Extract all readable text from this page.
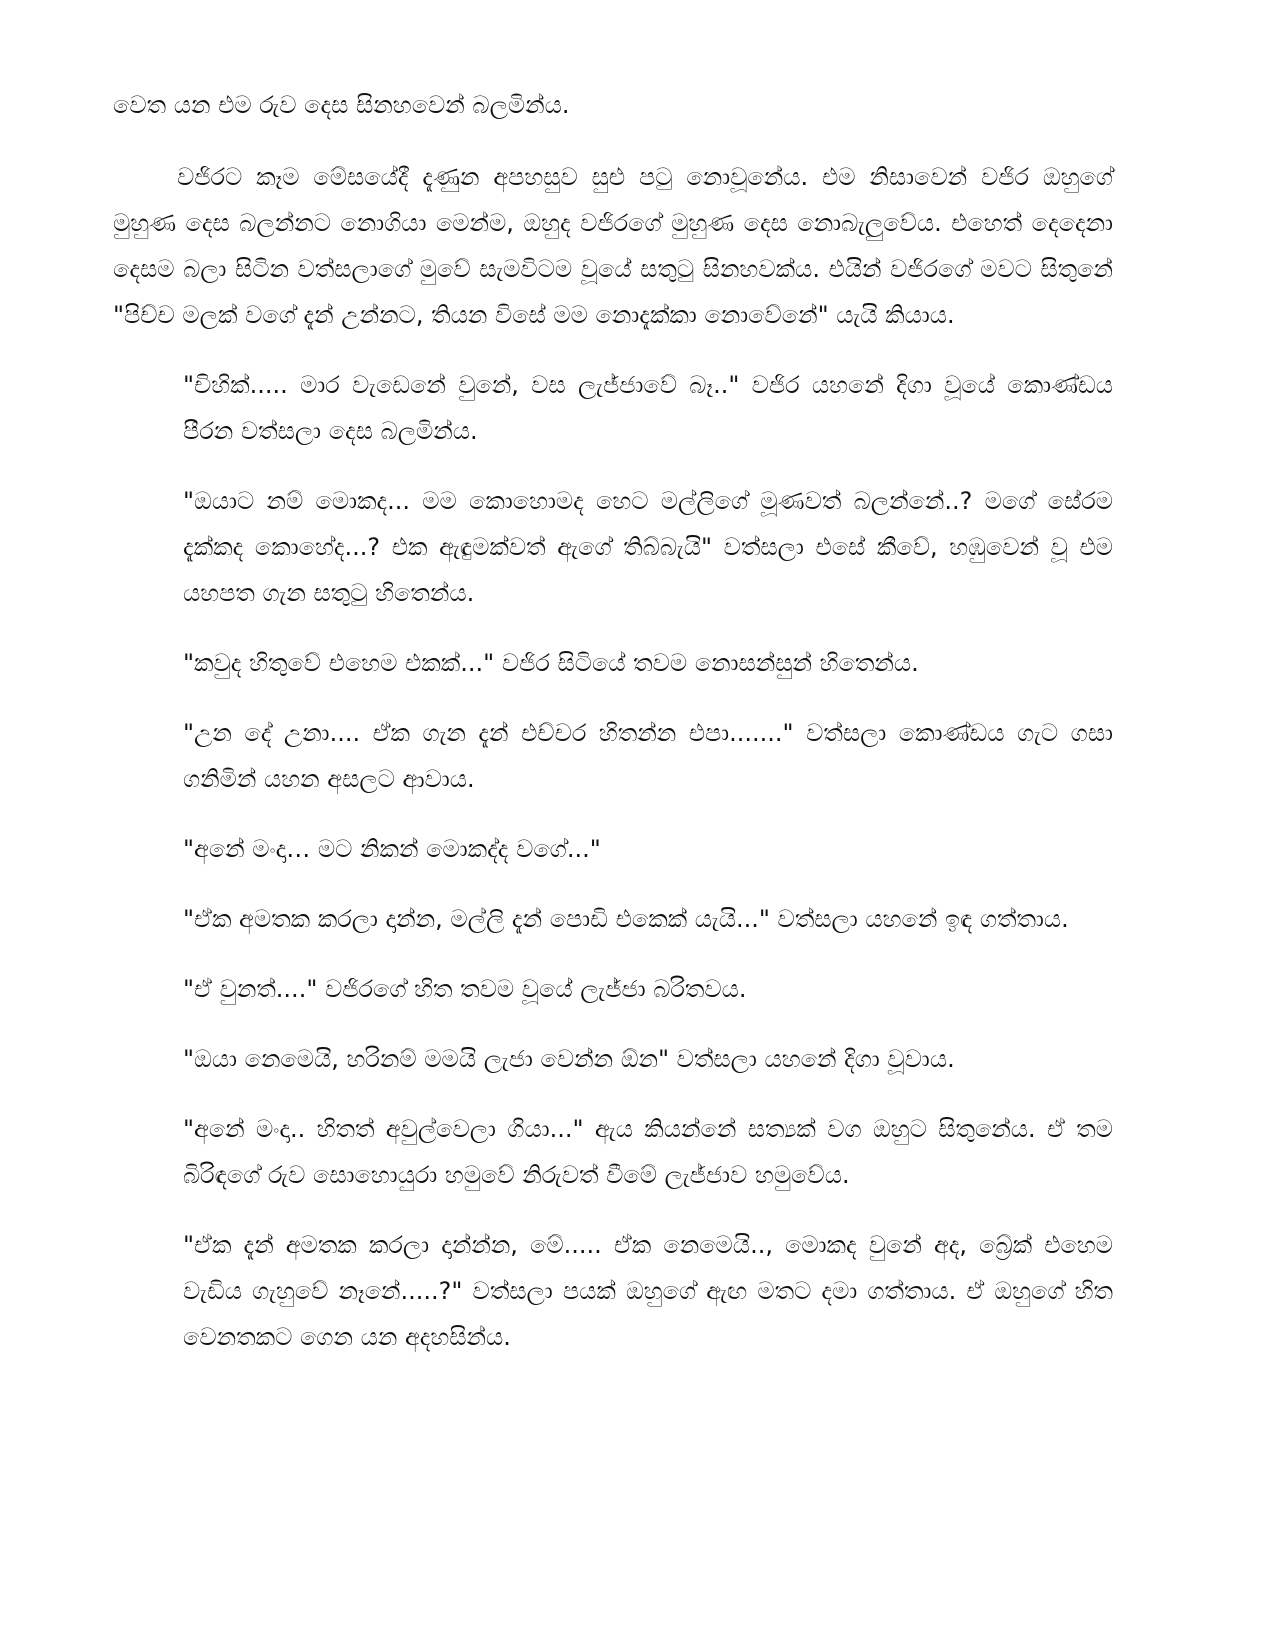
වෙත යන එම රුව දෙස සිනහවෙන් බලමින්ය.

වජිරට කෑම මේසයේදී දැණුන අපහසුව සුළු පටු නොවූනේය. එම නිසාවෙන් වජිර ඔහුගේ මුහුණ දෙස බලන්නට නොගියා මෙන්ම, ඔහුද වජිරගේ මුහුණ දෙස නොබැලුවේය. එහෙත් දෙදෙනා දෙසම බලා සිටින වත්සලාගේ මුවේ සැමවිටම වූයේ සතුටු සිනහවක්ය. එයින් වජිරගේ මවට සිතුනේ "පිච්ච මලක් වගේ දැන් උන්නට, තියන විසේ මම නොදැක්කා නොවේනේ" යැයි කියාය.

"චිහික්..... මාර වැඩෙනේ වුනේ, වස ලැජ්ජාවේ බෑ.." වජිර යහනේ දිගා වූයේ කොණ්ඩය පීරන වත්සලා දෙස බලමින්ය.

"ඔයාට නම් මොකද... මම කොහොමද හෙට මල්ලිගේ මූණවත් බලන්නේ..? මගේ සේරම දැක්කද කොහේද...? එක ඇඳුමක්වත් ඇගේ තිබ්බැයි" වත්සලා එසේ කීවේ, හඹුවෙන් වූ එම යහපත ගැන සතුටු හිතෙන්ය.

"කවුද හිතුවේ එහෙම එකක්..." වජිර සිටියේ තවම නොසන්සුන් හිතෙන්ය.

"උන දේ උනා.... ඒක ගැන දැන් එච්චර හිතන්න එපා......." වත්සලා කොණ්ඩය ගැට ගසා ගනිමින් යහන අසලට ආවාය.

"අනේ මංදා… මට නිකන් මොකද්ද වගේ..."

"ඒක අමතක කරලා දාන්න, මල්ලි දැන් පොඩි එකෙක් යැයි..." වත්සලා යහනේ ඉඳ ගත්තාය.

"ඒ වුනත්...." වජිරගේ හිත තවම වූයේ ලැජ්ජා බරිතවය.

"ඔයා නෙමෙයි, හරිනම් මමයි ලැජා වෙන්න ඕන" වත්සලා යහනේ දිගා වූවාය.

"අනේ මංදා.. හිතත් අවුල්වෙලා ගියා..." ඇය කියන්නේ සත්‍යක් වග ඔහුට සිතුනේය. ඒ තම බිරිඳගේ රුව සොහොයුරා හමුවේ නිරුවත් වීමේ ලැජ්ජාව හමුවේය.

"ඒක දැන් අමතක කරලා දාන්න්න, මේ..... ඒක නෙමෙයි.., මොකද වුනේ අද, බ්‍රේක් එහෙම වැඩිය ගැහුවේ නෑනේ.....?" වත්සලා පයක් ඔහුගේ ඇඟ මතට දමා ගත්තාය. ඒ ඔහුගේ හිත වෙනතකට ගෙන යන අදහසින්ය.
